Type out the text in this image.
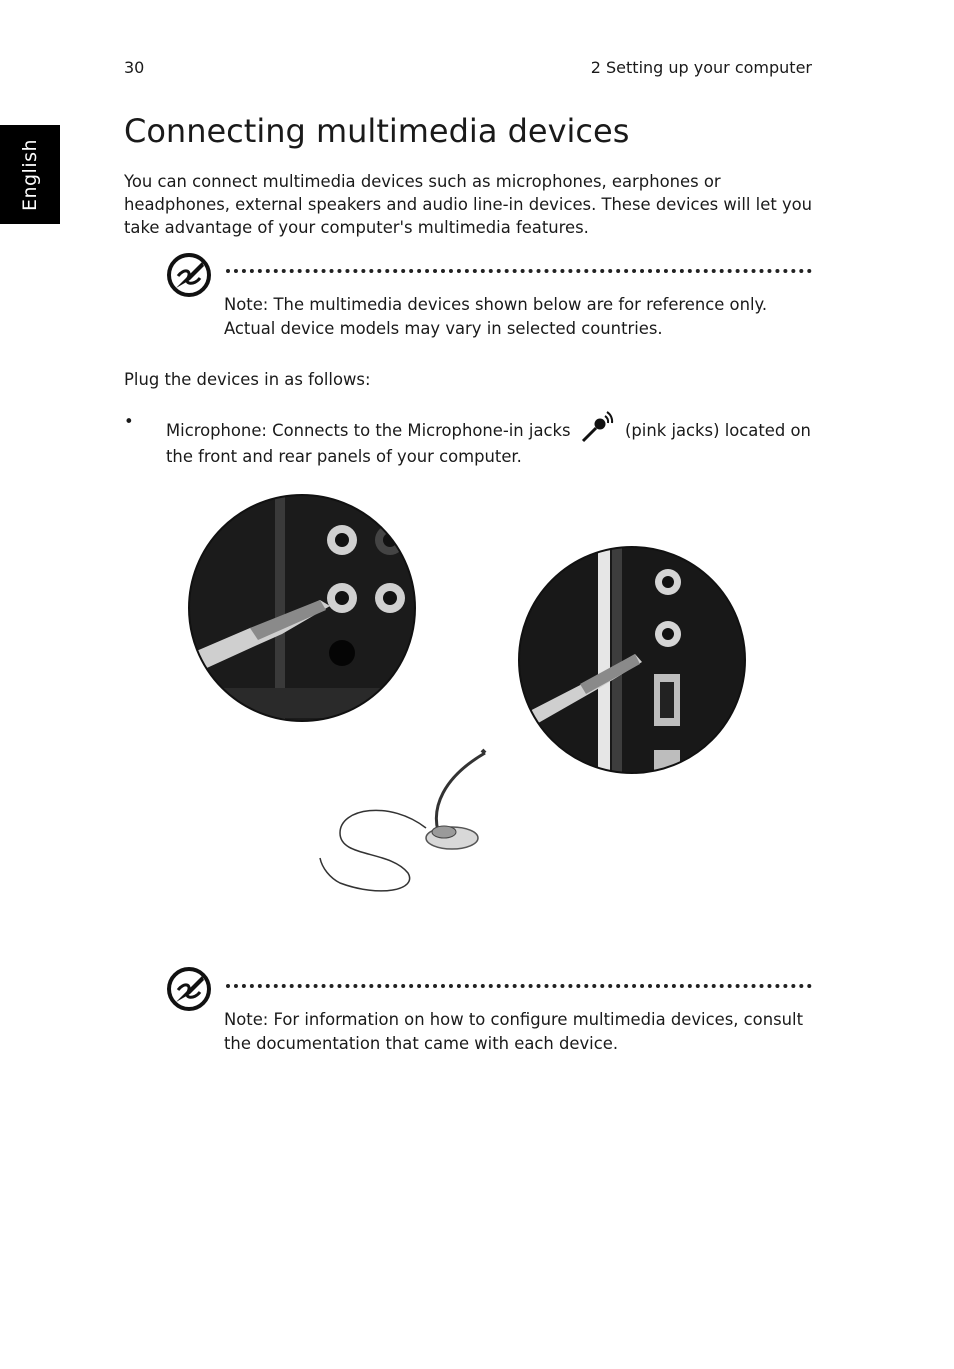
30	2 Setting up your computer
English
Connecting multimedia devices
You can connect multimedia devices such as microphones, earphones or headphones, external speakers and audio line-in devices. These devices will let you take advantage of your computer's multimedia features.
Note: The multimedia devices shown below are for reference only. Actual device models may vary in selected countries.
Plug the devices in as follows:
• Microphone: Connects to the Microphone-in jacks	(pink jacks) located on the front and rear panels of your computer.
Note: For information on how to configure multimedia devices, consult the documentation that came with each device.
